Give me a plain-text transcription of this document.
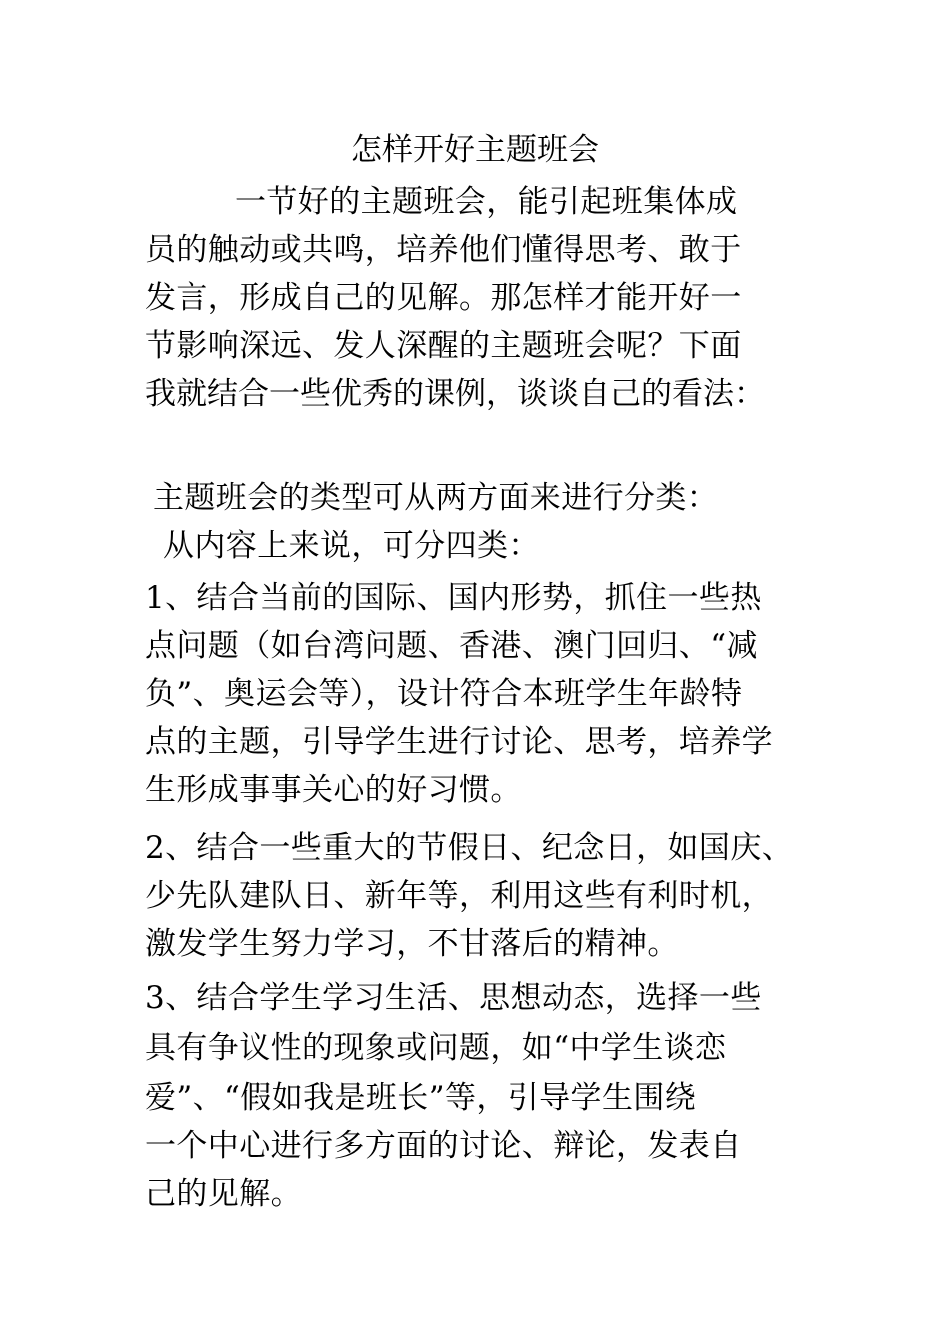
怎样开好主题班会
一节好的主题班会，能引起班集体成
员的触动或共鸣，培养他们懂得思考、敢于
发言，形成自己的见解。那怎样才能开好一
节影响深远、发人深醒的主题班会呢？下面
我就结合一些优秀的课例，谈谈自己的看法：
主题班会的类型可从两方面来进行分类：
从内容上来说，可分四类：
1、结合当前的国际、国内形势，抓住一些热
点问题（如台湾问题、香港、澳门回归、“减
负”、奥运会等），设计符合本班学生年龄特
点的主题，引导学生进行讨论、思考，培养学
生形成事事关心的好习惯。
2、结合一些重大的节假日、纪念日，如国庆、
少先队建队日、新年等，利用这些有利时机，
激发学生努力学习，不甘落后的精神。
3、结合学生学习生活、思想动态，选择一些
具有争议性的现象或问题，如“中学生谈恋
爱”、“假如我是班长”等，引导学生围绕
一个中心进行多方面的讨论、辩论，发表自
己的见解。
